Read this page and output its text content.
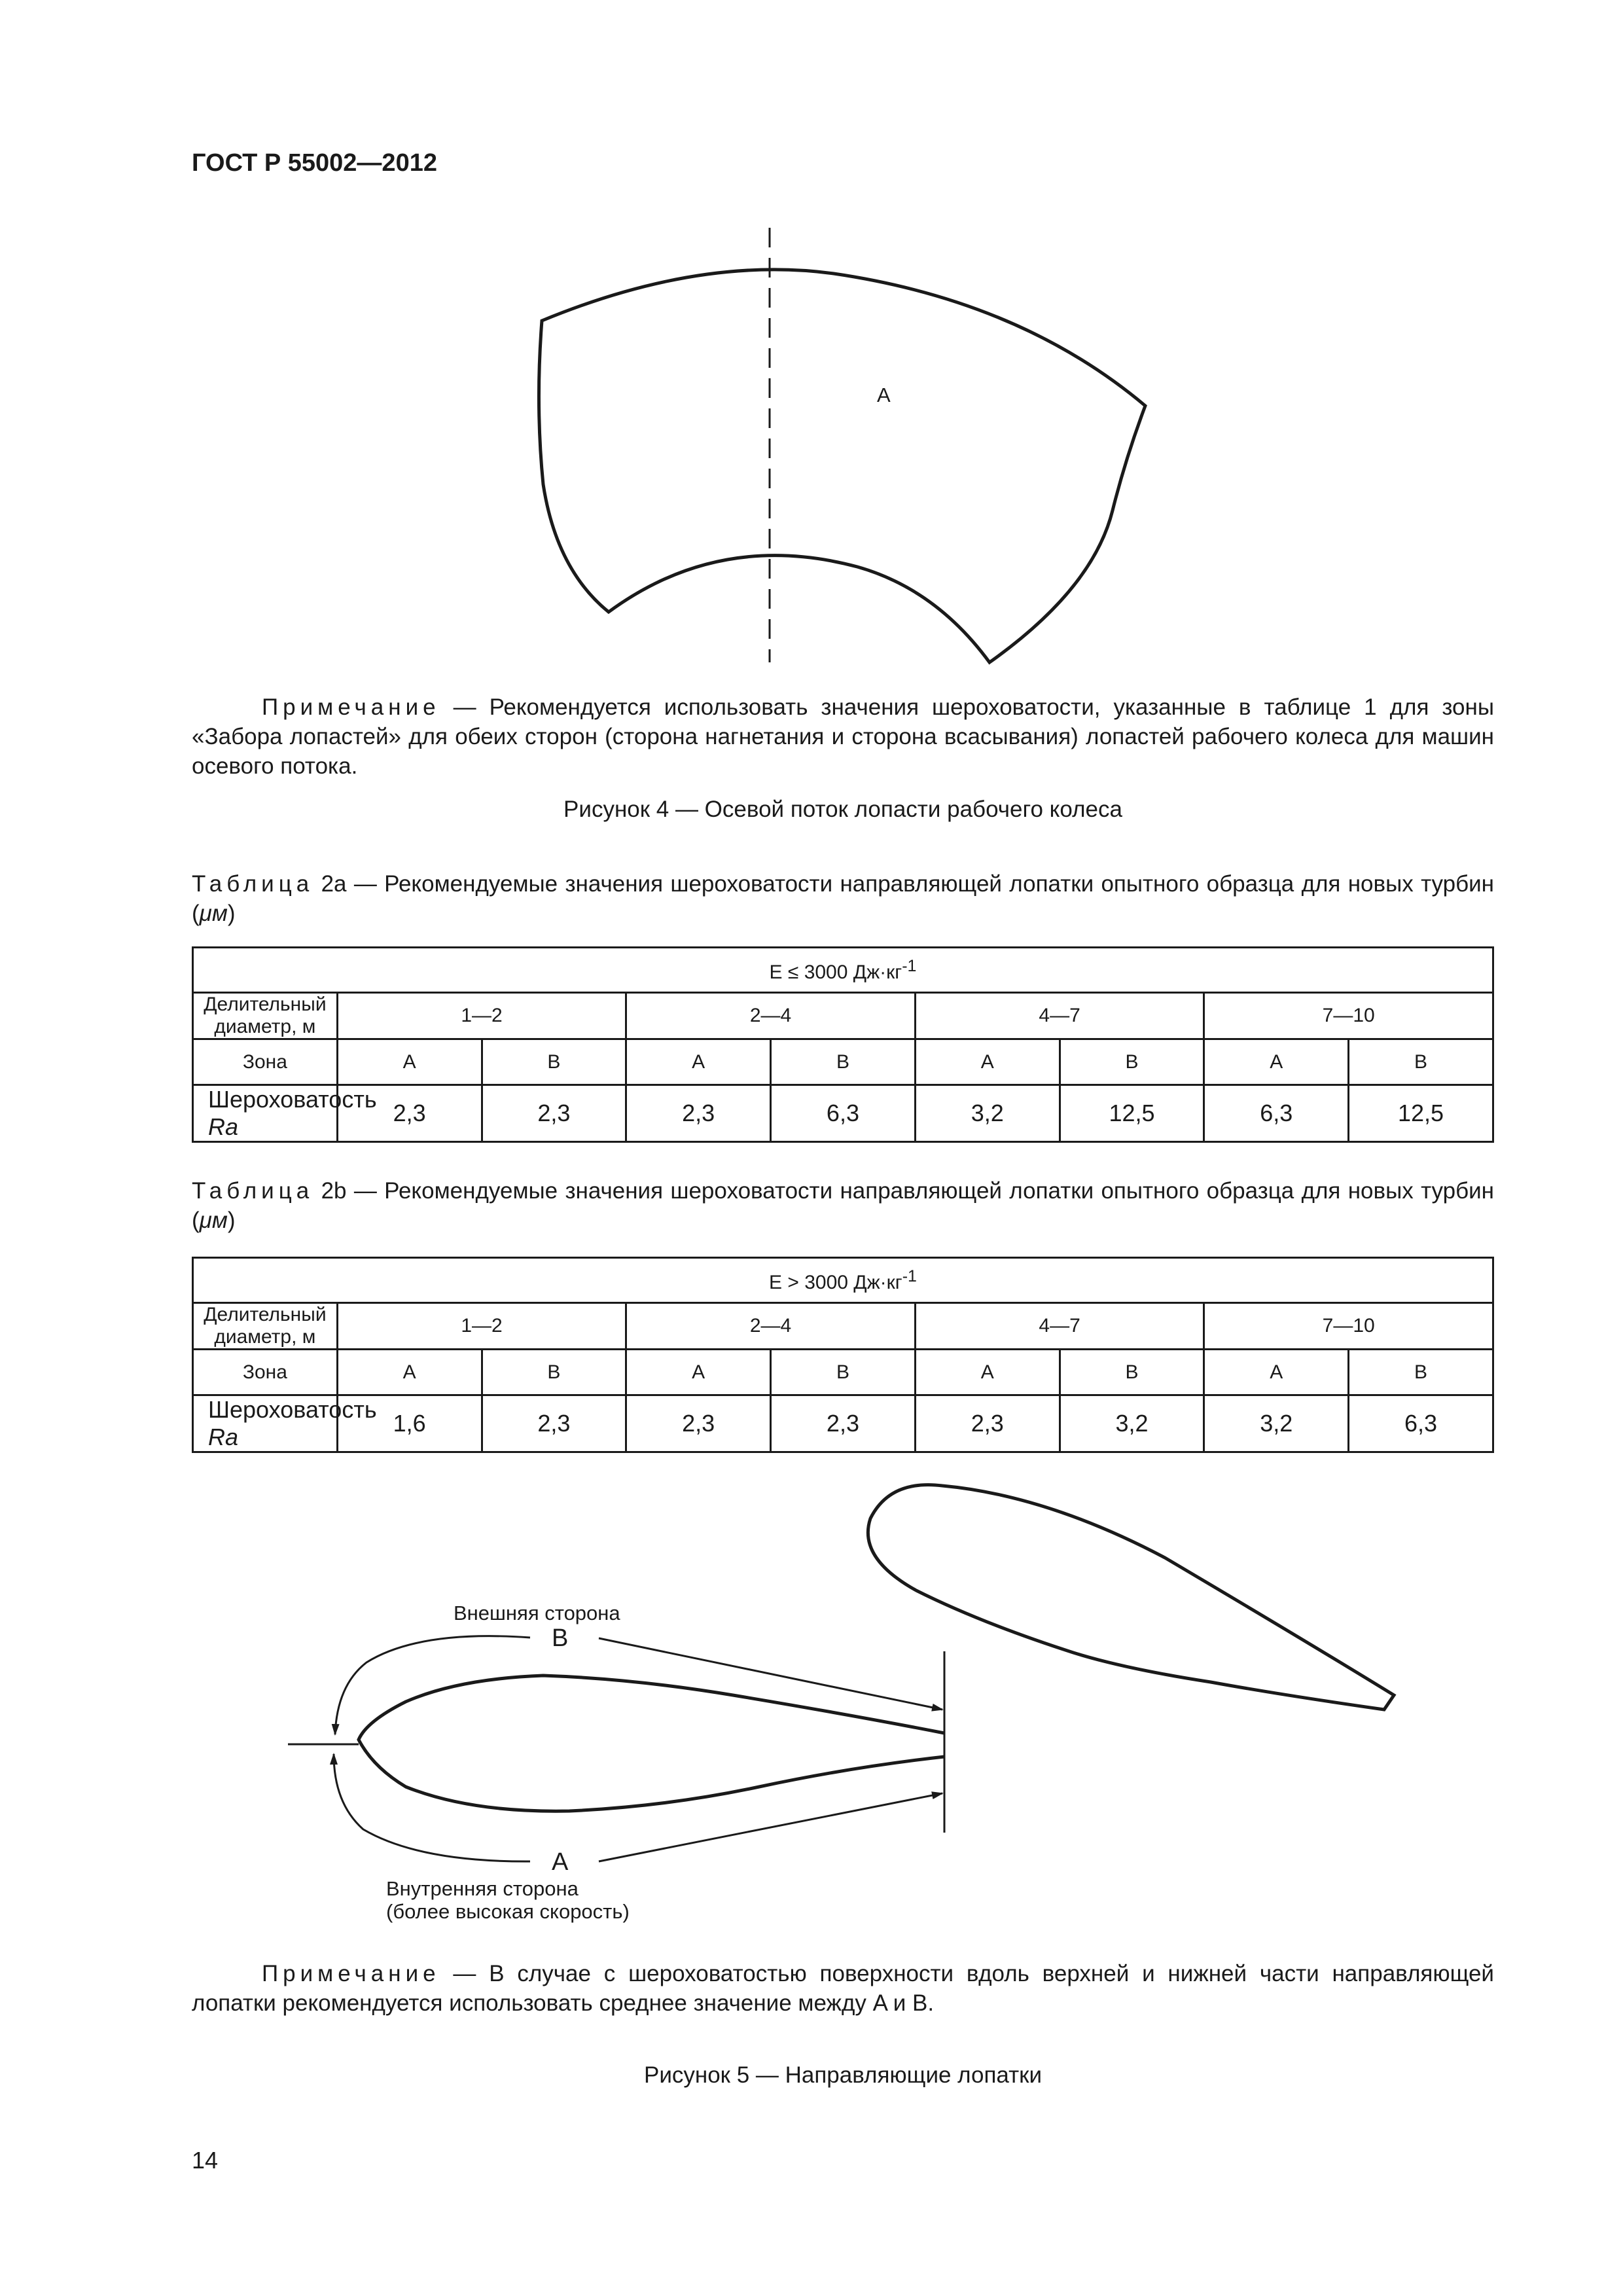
ГОСТ Р 55002—2012
A
Примечание — Рекомендуется использовать значения шероховатости, указанные в таблице 1 для зоны «Забора лопастей» для обеих сторон (сторона нагнетания и сторона всасывания) лопастей рабочего колеса для машин осевого потока.
Рисунок 4 — Осевой поток лопасти рабочего колеса
Таблица 2a — Рекомендуемые значения шероховатости направляющей лопатки опытного образца для новых турбин (μм)
E ≤ 3000 $Дж\cdot кг^{-1}$
Делительный диаметр, м	1—2		2—4		4—7		7—10	
Зона	A	B	A	B	A	B	A	B
Шероховатость Ra	2,3	2,3	2,3	6,3	3,2	12,5	6,3	12,5
Таблица 2b — Рекомендуемые значения шероховатости направляющей лопатки опытного образца для новых турбин (μм)
E > 3000 $Дж\cdot кг^{-1}$
Делительный диаметр, м	1—2		2—4		4—7		7—10	
Зона	A	B	A	B	A	B	A	B
Шероховатость Ra	1,6	2,3	2,3	2,3	2,3	3,2	3,2	6,3
Внешняя сторона
B
A
Внутренняя сторона
(более высокая скорость)
Примечание — В случае с шероховатостью поверхности вдоль верхней и нижней части направляющей лопатки рекомендуется использовать среднее значение между A и B.
Рисунок 5 — Направляющие лопатки
14
